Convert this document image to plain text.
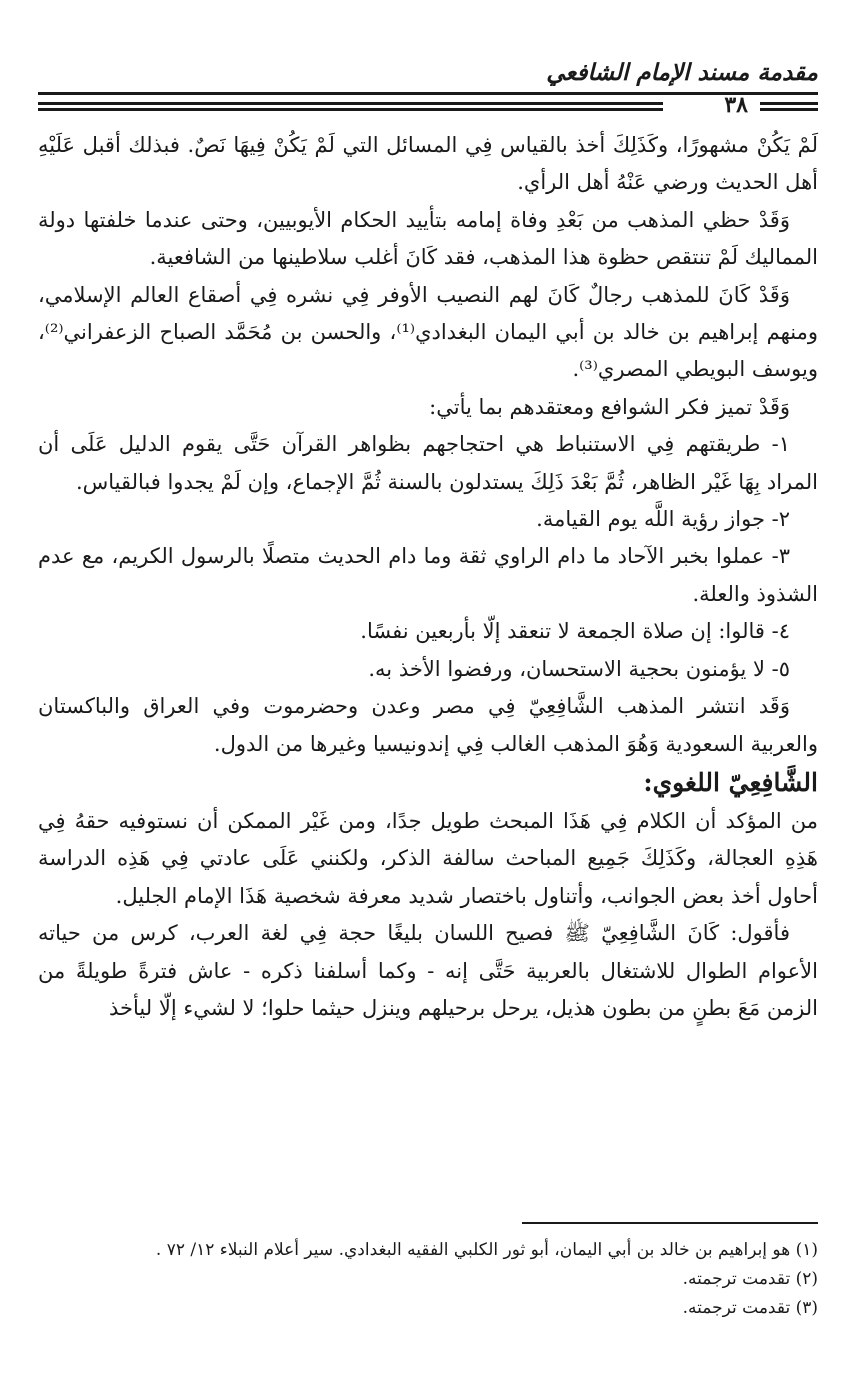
مقدمة مسند الإمام الشافعي
٣٨

لَمْ يَكُنْ مشهورًا، وكَذَلِكَ أخذ بالقياس فِي المسائل التي لَمْ يَكُنْ فِيهَا نَصٌ. فبذلك أقبل عَلَيْهِ أهل الحديث ورضي عَنْهُ أهل الرأي.

وَقَدْ حظي المذهب من بَعْدِ وفاة إمامه بتأييد الحكام الأيوبيين، وحتى عندما خلفتها دولة المماليك لَمْ تنتقص حظوة هذا المذهب، فقد كَانَ أغلب سلاطينها من الشافعية.

وَقَدْ كَانَ للمذهب رجالٌ كَانَ لهم النصيب الأوفر فِي نشره فِي أصقاع العالم الإسلامي، ومنهم إبراهيم بن خالد بن أبي اليمان البغدادي⁽¹⁾، والحسن بن مُحَمَّد الصباح الزعفراني⁽²⁾، ويوسف البويطي المصري⁽³⁾.

وَقَدْ تميز فكر الشوافع ومعتقدهم بما يأتي:

١- طريقتهم فِي الاستنباط هي احتجاجهم بظواهر القرآن حَتَّى يقوم الدليل عَلَى أن المراد بِهَا غَيْر الظاهر، ثُمَّ بَعْدَ ذَلِكَ يستدلون بالسنة ثُمَّ الإجماع، وإن لَمْ يجدوا فبالقياس.

٢- جواز رؤية اللَّه يوم القيامة.

٣- عملوا بخبر الآحاد ما دام الراوي ثقة وما دام الحديث متصلًا بالرسول الكريم، مع عدم الشذوذ والعلة.

٤- قالوا: إن صلاة الجمعة لا تنعقد إلّا بأربعين نفسًا.

٥- لا يؤمنون بحجية الاستحسان، ورفضوا الأخذ به.

وَقَد انتشر المذهب الشَّافِعِيّ فِي مصر وعدن وحضرموت وفي العراق والباكستان والعربية السعودية وَهُوَ المذهب الغالب فِي إندونيسيا وغيرها من الدول.

الشَّافِعِيّ اللغوي:

من المؤكد أن الكلام فِي هَذَا المبحث طويل جدًا، ومن غَيْر الممكن أن نستوفيه حقهُ فِي هَذِهِ العجالة، وكَذَلِكَ جَمِيع المباحث سالفة الذكر، ولكنني عَلَى عادتي فِي هَذِه الدراسة أحاول أخذ بعض الجوانب، وأتناول باختصار شديد معرفة شخصية هَذَا الإمام الجليل.

فأقول: كَانَ الشَّافِعِيّ ﷺ فصيح اللسان بليغًا حجة فِي لغة العرب، كرس من حياته الأعوام الطوال للاشتغال بالعربية حَتَّى إنه - وكما أسلفنا ذكره - عاش فترةً طويلةً من الزمن مَعَ بطنٍ من بطون هذيل، يرحل برحيلهم وينزل حيثما حلوا؛ لا لشيء إلّا ليأخذ

(١) هو إبراهيم بن خالد بن أبي اليمان، أبو ثور الكلبي الفقيه البغدادي. سير أعلام النبلاء ١٢/ ٧٢ .

(٢) تقدمت ترجمته.

(٣) تقدمت ترجمته.
